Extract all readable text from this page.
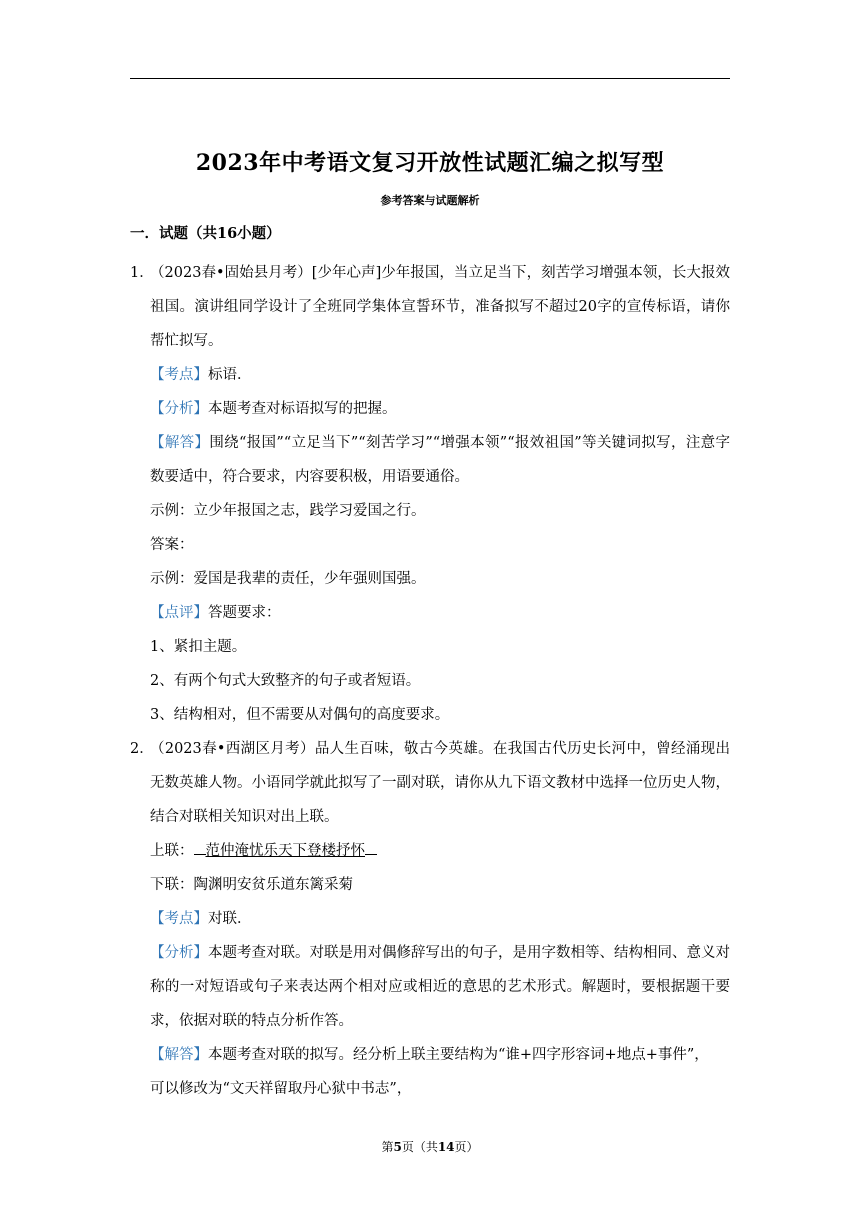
2023年中考语文复习开放性试题汇编之拟写型
参考答案与试题解析
一．试题（共16小题）
1．
（2023春•固始县月考）[少年心声]少年报国，当立足当下，刻苦学习增强本领，长大报效祖国。演讲组同学设计了全班同学集体宣誓环节，准备拟写不超过20字的宣传标语，请你帮忙拟写。
【考点】标语．
【分析】本题考查对标语拟写的把握。
【解答】围绕“报国”“立足当下”“刻苦学习”“增强本领”“报效祖国”等关键词拟写，注意字数要适中，符合要求，内容要积极，用语要通俗。
示例：立少年报国之志，践学习爱国之行。
答案：
示例：爱国是我辈的责任，少年强则国强。
【点评】答题要求：
1、紧扣主题。
2、有两个句式大致整齐的句子或者短语。
3、结构相对，但不需要从对偶句的高度要求。
2．
（2023春•西湖区月考）品人生百味，敬古今英雄。在我国古代历史长河中，曾经涌现出无数英雄人物。小语同学就此拟写了一副对联，请你从九下语文教材中选择一位历史人物，结合对联相关知识对出上联。
上联： 范仲淹忧乐天下登楼抒怀
下联：陶渊明安贫乐道东篱采菊
【考点】对联．
【分析】本题考查对联。对联是用对偶修辞写出的句子，是用字数相等、结构相同、意义对称的一对短语或句子来表达两个相对应或相近的意思的艺术形式。解题时，要根据题干要求，依据对联的特点分析作答。
【解答】本题考查对联的拟写。经分析上联主要结构为“谁+四字形容词+地点+事件”，
可以修改为“文天祥留取丹心狱中书志”，
第5页（共14页）
